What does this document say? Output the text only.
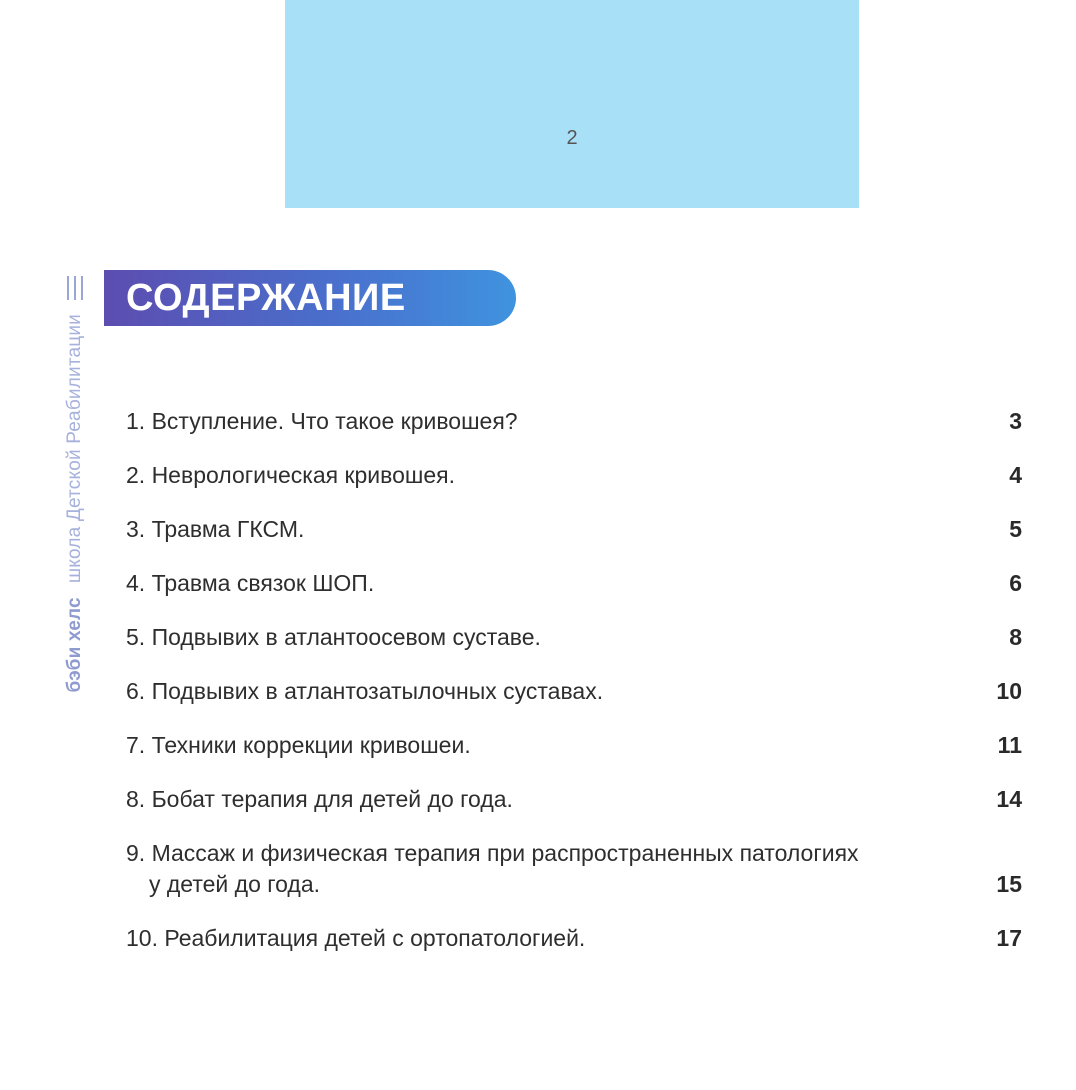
2
бэби хелсшкола Детской Реабилитации
СОДЕРЖАНИЕ
1. Вступление. Что такое кривошея?	3
2. Неврологическая кривошея.	4
3. Травма ГКСМ.	5
4. Травма связок ШОП.	6
5. Подвывих в атлантоосевом суставе.	8
6. Подвывих в атлантозатылочных суставах.	10
7. Техники коррекции кривошеи.	11
8. Бобат терапия для детей до года.	14
9. Массаж и физическая терапия при распространенных патологиях
у детей до года.	15
10. Реабилитация детей с ортопатологией.	17
